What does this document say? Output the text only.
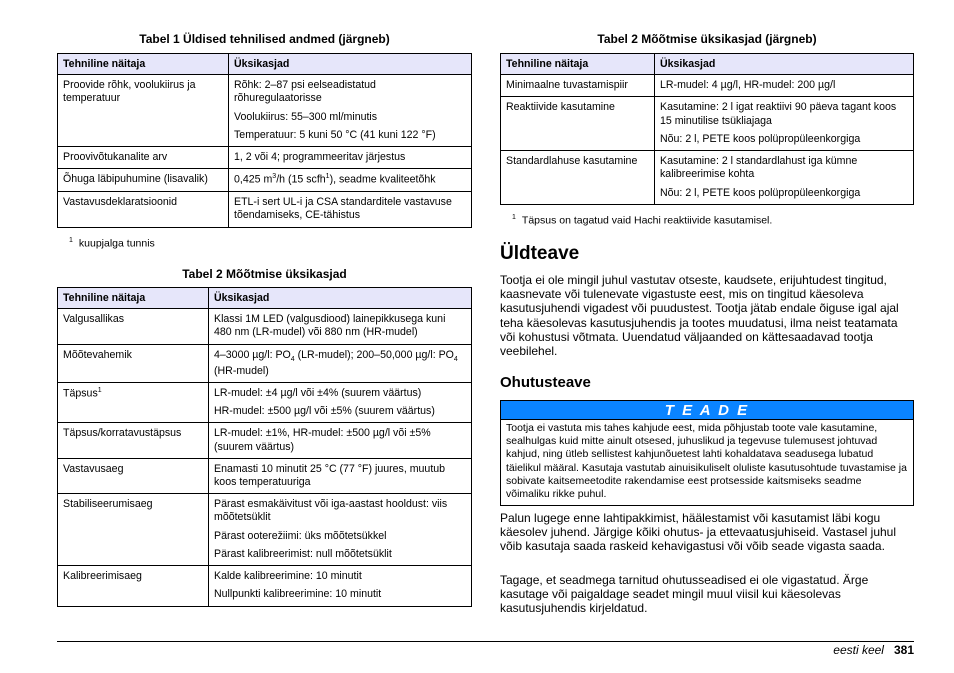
Tabel 1 Üldised tehnilised andmed (järgneb)
Tehniline näitaja	Üksikasjad
Proovide rõhk, voolukiirus ja temperatuur	Rõhk: 2–87 psi eelseadistatud rõhuregulaatorisse

Voolukiirus: 55–300 ml/minutis

Temperatuur: 5 kuni 50 °C (41 kuni 122 °F)

Proovivõtukanalite arv	1, 2 või 4; programmeeritav järjestus
Õhuga läbipuhumine (lisavalik)	0,425 $m^3/h$ (15 scfh$^1$), seadme kvaliteetõhk
Vastavusdeklaratsioonid	ETL-i sert UL-i ja CSA standarditele vastavuse tõendamiseks, CE-tähistus
$^1$ kuupjalga tunnis
Tabel 2 Mõõtmise üksikasjad
Tehniline näitaja	Üksikasjad
Valgusallikas	Klassi 1M LED (valgusdiood) lainepikkusega kuni 480 nm (LR-mudel) või 880 nm (HR-mudel)
Mõõtevahemik	4–3000 µg/l: $PO_4$ (LR-mudel); 200–50,000 µg/l: $PO_4$ (HR-mudel)
Täpsus$^1$	LR-mudel: ±4 µg/l või ±4% (suurem väärtus)

HR-mudel: ±500 µg/l või ±5% (suurem väärtus)

Täpsus/korratavustäpsus	LR-mudel: ±1%, HR-mudel: ±500 µg/l või ±5% (suurem väärtus)
Vastavusaeg	Enamasti 10 minutit 25 °C (77 °F) juures, muutub koos temperatuuriga
Stabiliseerumisaeg	Pärast esmakäivitust või iga-aastast hooldust: viis mõõtetsüklit

Pärast ooterežiimi: üks mõõtetsükkel

Pärast kalibreerimist: null mõõtetsüklit

Kalibreerimisaeg	Kalde kalibreerimine: 10 minutit

Nullpunkti kalibreerimine: 10 minutit

Tabel 2 Mõõtmise üksikasjad (järgneb)
Tehniline näitaja	Üksikasjad
Minimaalne tuvastamispiir	LR-mudel: 4 µg/l, HR-mudel: 200 µg/l
Reaktiivide kasutamine	Kasutamine: 2 l igat reaktiivi 90 päeva tagant koos 15 minutilise tsükliajaga

Nõu: 2 l, PETE koos polüpropüleenkorgiga

Standardlahuse kasutamine	Kasutamine: 2 l standardlahust iga kümne kalibreerimise kohta

Nõu: 2 l, PETE koos polüpropüleenkorgiga

$^1$ Täpsus on tagatud vaid Hachi reaktiivide kasutamisel.
Üldteave

Tootja ei ole mingil juhul vastutav otseste, kaudsete, erijuhtudest tingitud, kaasnevate või tulenevate vigastuste eest, mis on tingitud käesoleva kasutusjuhendi vigadest või puudustest. Tootja jätab endale õiguse igal ajal teha käesolevas kasutusjuhendis ja tootes muudatusi, ilma neist teatamata või kohustusi võtmata. Uuendatud väljaanded on kättesaadavad tootja veebilehel.

Ohutusteave
T E A D E
Tootja ei vastuta mis tahes kahjude eest, mida põhjustab toote vale kasutamine, sealhulgas kuid mitte ainult otsesed, juhuslikud ja tegevuse tulemusest johtuvad kahjud, ning ütleb sellistest kahjunõuetest lahti kohaldatava seadusega lubatud täielikul määral. Kasutaja vastutab ainuisikuliselt oluliste kasutusohtude tuvastamise ja sobivate kaitsemeetodite rakendamise eest protsesside kaitsmiseks seadme võimaliku rikke puhul.

Palun lugege enne lahtipakkimist, häälestamist või kasutamist läbi kogu käesolev juhend. Järgige kõiki ohutus- ja ettevaatusjuhiseid. Vastasel juhul võib kasutaja saada raskeid kehavigastusi või võib seade vigasta saada.

Tagage, et seadmega tarnitud ohutusseadised ei ole vigastatud. Ärge kasutage või paigaldage seadet mingil muul viisil kui käesolevas kasutusjuhendis kirjeldatud.

eesti keel 381
